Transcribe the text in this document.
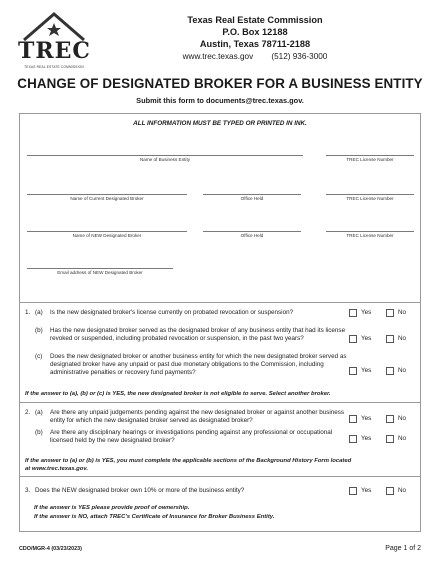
TREC
TEXAS REAL ESTATE COMMISSION
Texas Real Estate Commission
P.O. Box 12188
Austin, Texas 78711-2188
www.trec.texas.gov        (512) 936-3000
CHANGE OF DESIGNATED BROKER FOR A BUSINESS ENTITY
Submit this form to documents@trec.texas.gov.
ALL INFORMATION MUST BE TYPED OR PRINTED IN INK.
Name of Business Entity	TREC License Number
Name of Current Designated Broker	Office Held	TREC License Number
Name of NEW Designated Broker	Office Held	TREC License Number
Email address of NEW Designated Broker
1. (a) Is the new designated broker's license currently on probated revocation or suspension?	Yes	No
(b) Has the new designated broker served as the designated broker of any business entity that had its license revoked or suspended, including probated revocation or suspension, in the past two years?	Yes	No
(c) Does the new designated broker or another business entity for which the new designated broker served as designated broker have any unpaid or past due monetary obligations to the Commission, including administrative penalties or recovery fund payments?	Yes	No
If the answer to (a), (b) or (c) is YES, the new designated broker is not eligible to serve. Select another broker.
2. (a) Are there any unpaid judgements pending against the new designated broker or against another business entity for which the new designated broker served as designated broker?	Yes	No
(b) Are there any disciplinary hearings or investigations pending against any professional or occupational licensed held by the new designated broker?	Yes	No
If the answer to (a) or (b) is YES, you must complete the applicable sections of the Background History Form located at www.trec.texas.gov.
3. Does the NEW designated broker own 10% or more of the business entity?	Yes	No
If the answer is YES please provide proof of ownership.
If the answer is NO, attach TREC's Certificate of Insurance for Broker Business Entity.
CDO/MGR-4 (03/23/2023)	Page 1 of 2
